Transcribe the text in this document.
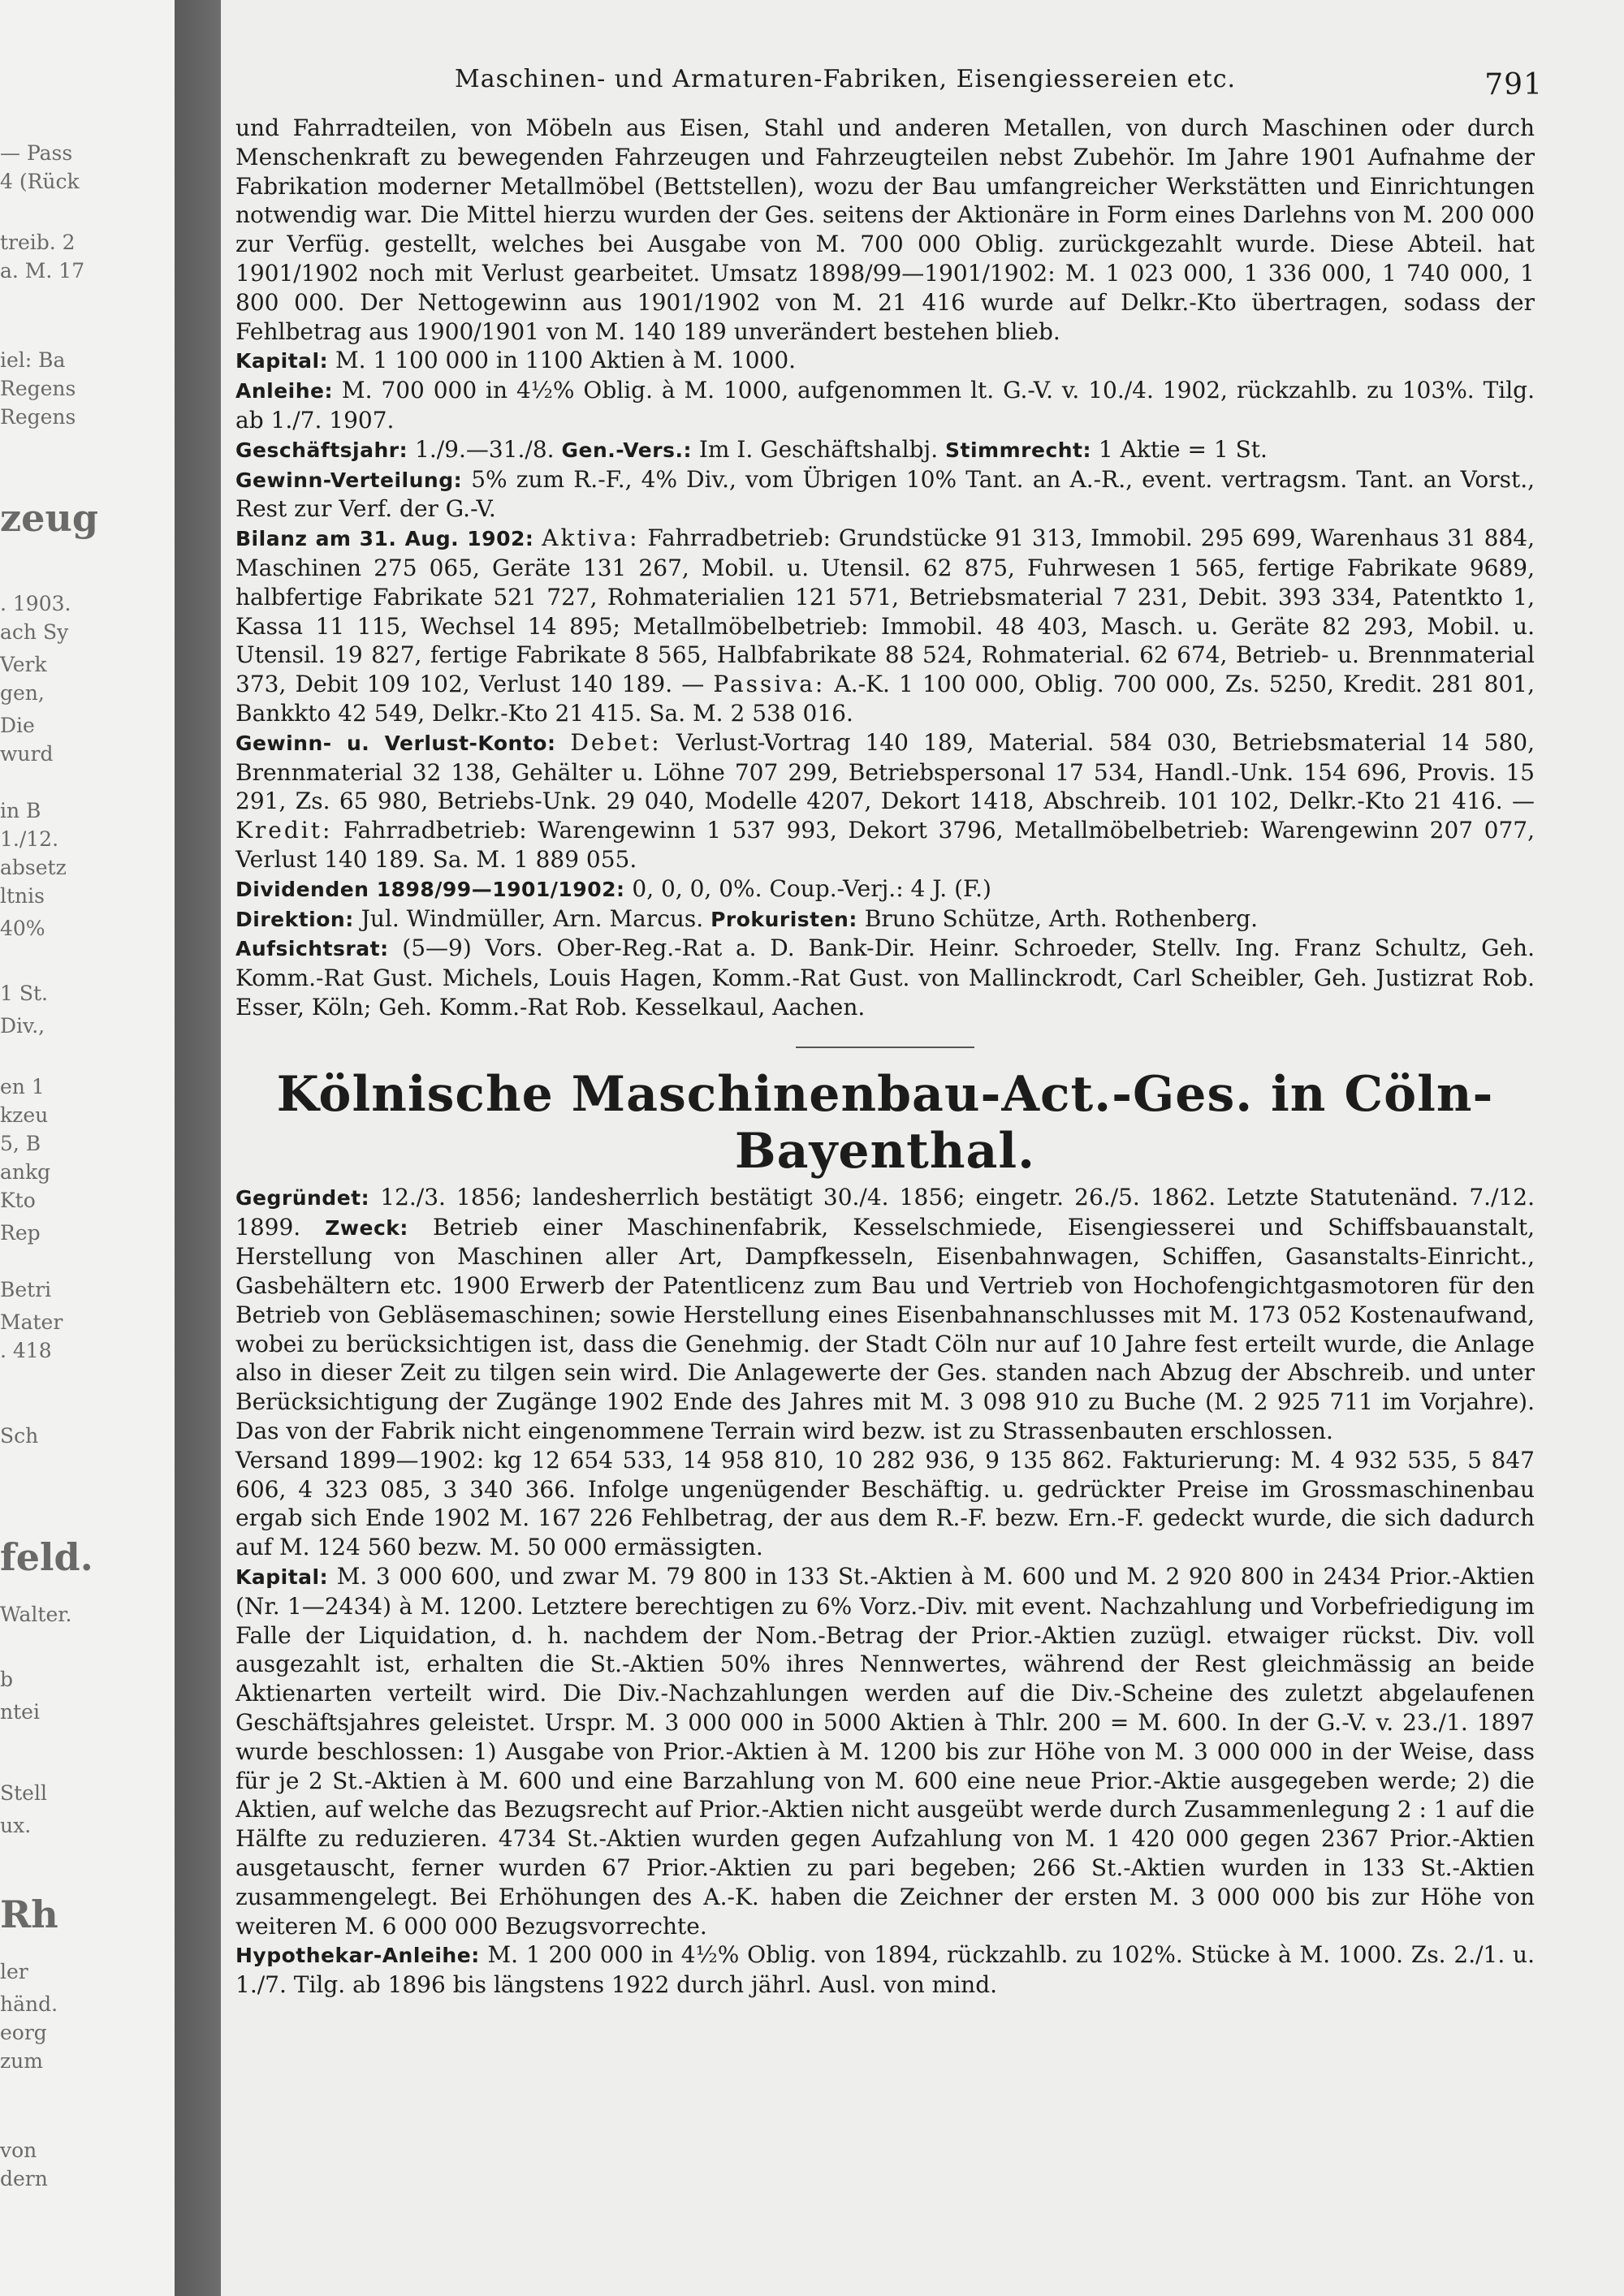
— Pass
4 (Rück
treib. 2
a. M. 17
iel: Ba
Regens
Regens
zeug
. 1903.
ach Sy
Verk
gen,
Die
wurd
in B
1./12.
absetz
ltnis
40%
1 St.
Div.,
en 1
kzeu
5, B
ankg
Kto
Rep
Betri
Mater
. 418
Sch
feld.
Walter.
b
ntei
Stell
ux.
Rh
ler
händ.
eorg
zum
von
dern
Maschinen- und Armaturen-Fabriken, Eisengiessereien etc.	791

und Fahrradteilen, von Möbeln aus Eisen, Stahl und anderen Metallen, von durch Maschinen oder durch Menschenkraft zu bewegenden Fahrzeugen und Fahrzeugteilen nebst Zubehör. Im Jahre 1901 Aufnahme der Fabrikation moderner Metallmöbel (Bettstellen), wozu der Bau umfangreicher Werkstätten und Einrichtungen notwendig war. Die Mittel hierzu wurden der Ges. seitens der Aktionäre in Form eines Darlehns von M. 200 000 zur Verfüg. gestellt, welches bei Ausgabe von M. 700 000 Oblig. zurückgezahlt wurde. Diese Abteil. hat 1901/1902 noch mit Verlust gearbeitet. Umsatz 1898/99—1901/1902: M. 1 023 000, 1 336 000, 1 740 000, 1 800 000. Der Nettogewinn aus 1901/1902 von M. 21 416 wurde auf Delkr.-Kto übertragen, sodass der Fehlbetrag aus 1900/1901 von M. 140 189 unverändert bestehen blieb.

Kapital: M. 1 100 000 in 1100 Aktien à M. 1000.

Anleihe: M. 700 000 in 4½% Oblig. à M. 1000, aufgenommen lt. G.-V. v. 10./4. 1902, rückzahlb. zu 103%. Tilg. ab 1./7. 1907.

Geschäftsjahr: 1./9.—31./8. Gen.-Vers.: Im I. Geschäftshalbj. Stimmrecht: 1 Aktie = 1 St.

Gewinn-Verteilung: 5% zum R.-F., 4% Div., vom Übrigen 10% Tant. an A.-R., event. vertragsm. Tant. an Vorst., Rest zur Verf. der G.-V.

Bilanz am 31. Aug. 1902: Aktiva: Fahrradbetrieb: Grundstücke 91 313, Immobil. 295 699, Warenhaus 31 884, Maschinen 275 065, Geräte 131 267, Mobil. u. Utensil. 62 875, Fuhrwesen 1 565, fertige Fabrikate 9689, halbfertige Fabrikate 521 727, Rohmaterialien 121 571, Betriebsmaterial 7 231, Debit. 393 334, Patentkto 1, Kassa 11 115, Wechsel 14 895; Metallmöbelbetrieb: Immobil. 48 403, Masch. u. Geräte 82 293, Mobil. u. Utensil. 19 827, fertige Fabrikate 8 565, Halbfabrikate 88 524, Rohmaterial. 62 674, Betrieb- u. Brennmaterial 373, Debit 109 102, Verlust 140 189. — Passiva: A.-K. 1 100 000, Oblig. 700 000, Zs. 5250, Kredit. 281 801, Bankkto 42 549, Delkr.-Kto 21 415. Sa. M. 2 538 016.

Gewinn- u. Verlust-Konto: Debet: Verlust-Vortrag 140 189, Material. 584 030, Betriebsmaterial 14 580, Brennmaterial 32 138, Gehälter u. Löhne 707 299, Betriebspersonal 17 534, Handl.-Unk. 154 696, Provis. 15 291, Zs. 65 980, Betriebs-Unk. 29 040, Modelle 4207, Dekort 1418, Abschreib. 101 102, Delkr.-Kto 21 416. — Kredit: Fahrradbetrieb: Warengewinn 1 537 993, Dekort 3796, Metallmöbelbetrieb: Warengewinn 207 077, Verlust 140 189. Sa. M. 1 889 055.

Dividenden 1898/99—1901/1902: 0, 0, 0, 0%. Coup.-Verj.: 4 J. (F.)

Direktion: Jul. Windmüller, Arn. Marcus. Prokuristen: Bruno Schütze, Arth. Rothenberg.

Aufsichtsrat: (5—9) Vors. Ober-Reg.-Rat a. D. Bank-Dir. Heinr. Schroeder, Stellv. Ing. Franz Schultz, Geh. Komm.-Rat Gust. Michels, Louis Hagen, Komm.-Rat Gust. von Mallinckrodt, Carl Scheibler, Geh. Justizrat Rob. Esser, Köln; Geh. Komm.-Rat Rob. Kesselkaul, Aachen.

Kölnische Maschinenbau-Act.-Ges. in Cöln-Bayenthal.

Gegründet: 12./3. 1856; landesherrlich bestätigt 30./4. 1856; eingetr. 26./5. 1862. Letzte Statutenänd. 7./12. 1899. Zweck: Betrieb einer Maschinenfabrik, Kesselschmiede, Eisengiesserei und Schiffsbauanstalt, Herstellung von Maschinen aller Art, Dampfkesseln, Eisenbahnwagen, Schiffen, Gasanstalts-Einricht., Gasbehältern etc. 1900 Erwerb der Patentlicenz zum Bau und Vertrieb von Hochofengichtgasmotoren für den Betrieb von Gebläsemaschinen; sowie Herstellung eines Eisenbahnanschlusses mit M. 173 052 Kostenaufwand, wobei zu berücksichtigen ist, dass die Genehmig. der Stadt Cöln nur auf 10 Jahre fest erteilt wurde, die Anlage also in dieser Zeit zu tilgen sein wird. Die Anlagewerte der Ges. standen nach Abzug der Abschreib. und unter Berücksichtigung der Zugänge 1902 Ende des Jahres mit M. 3 098 910 zu Buche (M. 2 925 711 im Vorjahre). Das von der Fabrik nicht eingenommene Terrain wird bezw. ist zu Strassenbauten erschlossen.

Versand 1899—1902: kg 12 654 533, 14 958 810, 10 282 936, 9 135 862. Fakturierung: M. 4 932 535, 5 847 606, 4 323 085, 3 340 366. Infolge ungenügender Beschäftig. u. gedrückter Preise im Grossmaschinenbau ergab sich Ende 1902 M. 167 226 Fehlbetrag, der aus dem R.-F. bezw. Ern.-F. gedeckt wurde, die sich dadurch auf M. 124 560 bezw. M. 50 000 ermässigten.

Kapital: M. 3 000 600, und zwar M. 79 800 in 133 St.-Aktien à M. 600 und M. 2 920 800 in 2434 Prior.-Aktien (Nr. 1—2434) à M. 1200. Letztere berechtigen zu 6% Vorz.-Div. mit event. Nachzahlung und Vorbefriedigung im Falle der Liquidation, d. h. nachdem der Nom.-Betrag der Prior.-Aktien zuzügl. etwaiger rückst. Div. voll ausgezahlt ist, erhalten die St.-Aktien 50% ihres Nennwertes, während der Rest gleichmässig an beide Aktienarten verteilt wird. Die Div.-Nachzahlungen werden auf die Div.-Scheine des zuletzt abgelaufenen Geschäftsjahres geleistet. Urspr. M. 3 000 000 in 5000 Aktien à Thlr. 200 = M. 600. In der G.-V. v. 23./1. 1897 wurde beschlossen: 1) Ausgabe von Prior.-Aktien à M. 1200 bis zur Höhe von M. 3 000 000 in der Weise, dass für je 2 St.-Aktien à M. 600 und eine Barzahlung von M. 600 eine neue Prior.-Aktie ausgegeben werde; 2) die Aktien, auf welche das Bezugsrecht auf Prior.-Aktien nicht ausgeübt werde durch Zusammenlegung 2 : 1 auf die Hälfte zu reduzieren. 4734 St.-Aktien wurden gegen Aufzahlung von M. 1 420 000 gegen 2367 Prior.-Aktien ausgetauscht, ferner wurden 67 Prior.-Aktien zu pari begeben; 266 St.-Aktien wurden in 133 St.-Aktien zusammengelegt. Bei Erhöhungen des A.-K. haben die Zeichner der ersten M. 3 000 000 bis zur Höhe von weiteren M. 6 000 000 Bezugsvorrechte.

Hypothekar-Anleihe: M. 1 200 000 in 4½% Oblig. von 1894, rückzahlb. zu 102%. Stücke à M. 1000. Zs. 2./1. u. 1./7. Tilg. ab 1896 bis längstens 1922 durch jährl. Ausl. von mind.
